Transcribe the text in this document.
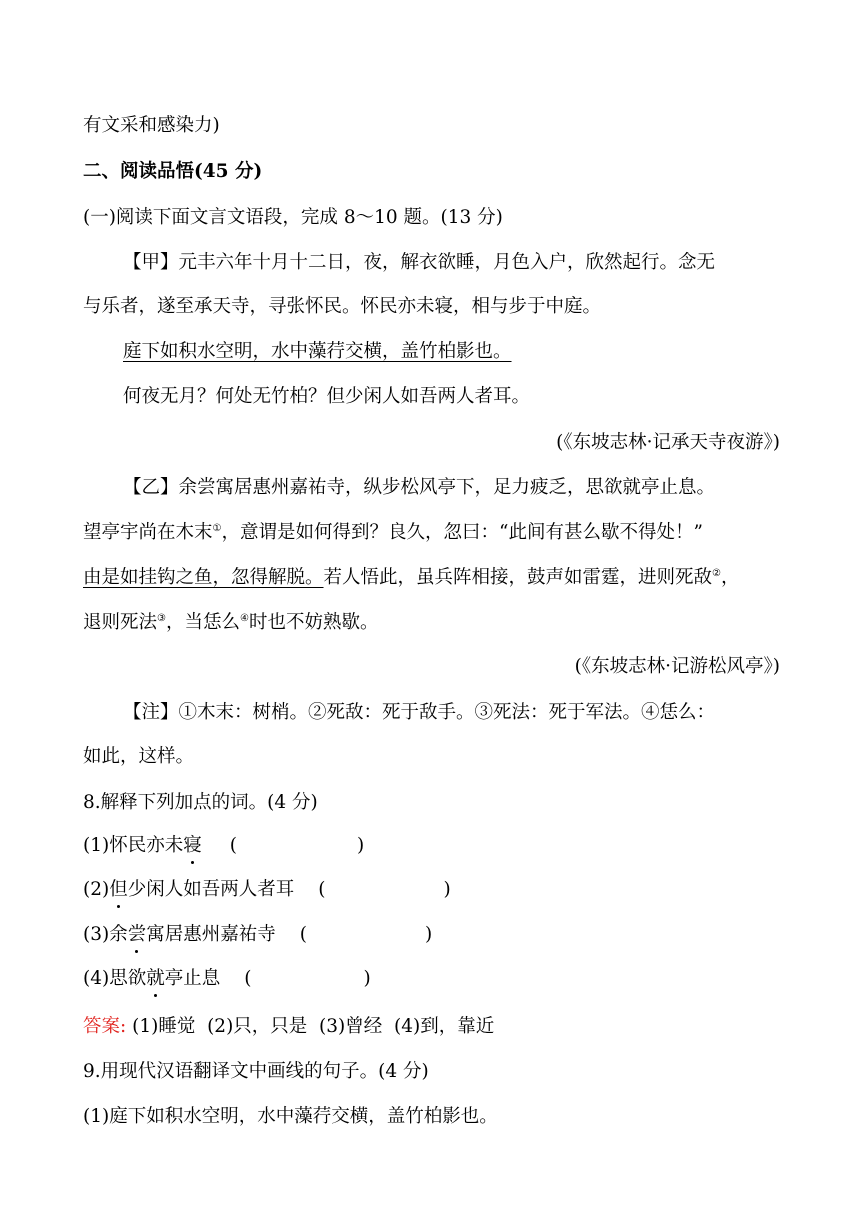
有文采和感染力)
二、阅读品悟(45 分)
(一)阅读下面文言文语段，完成 8～10 题。(13 分)
【甲】元丰六年十月十二日，夜，解衣欲睡，月色入户，欣然起行。念无
与乐者，遂至承天寺，寻张怀民。怀民亦未寝，相与步于中庭。
庭下如积水空明，水中藻荇交横，盖竹柏影也。
何夜无月？何处无竹柏？但少闲人如吾两人者耳。
(《东坡志林·记承天寺夜游》)
【乙】余尝寓居惠州嘉祐寺，纵步松风亭下，足力疲乏，思欲就亭止息。
望亭宇尚在木末①，意谓是如何得到？良久，忽曰：“此间有甚么歇不得处！”
由是如挂钩之鱼，忽得解脱。若人悟此，虽兵阵相接，鼓声如雷霆，进则死敌②，
退则死法③，当恁么④时也不妨熟歇。
(《东坡志林·记游松风亭》)
【注】①木末：树梢。②死敌：死于敌手。③死法：死于军法。④恁么：
如此，这样。
8.解释下列加点的词。(4 分)
(1)怀民亦未寝 (	)
(2)但少闲人如吾两人者耳 (	)
(3)余尝寓居惠州嘉祐寺 (	)
(4)思欲就亭止息 (	)
答案: (1)睡觉  (2)只，只是  (3)曾经  (4)到，靠近
9.用现代汉语翻译文中画线的句子。(4 分)
(1)庭下如积水空明，水中藻荇交横，盖竹柏影也。
